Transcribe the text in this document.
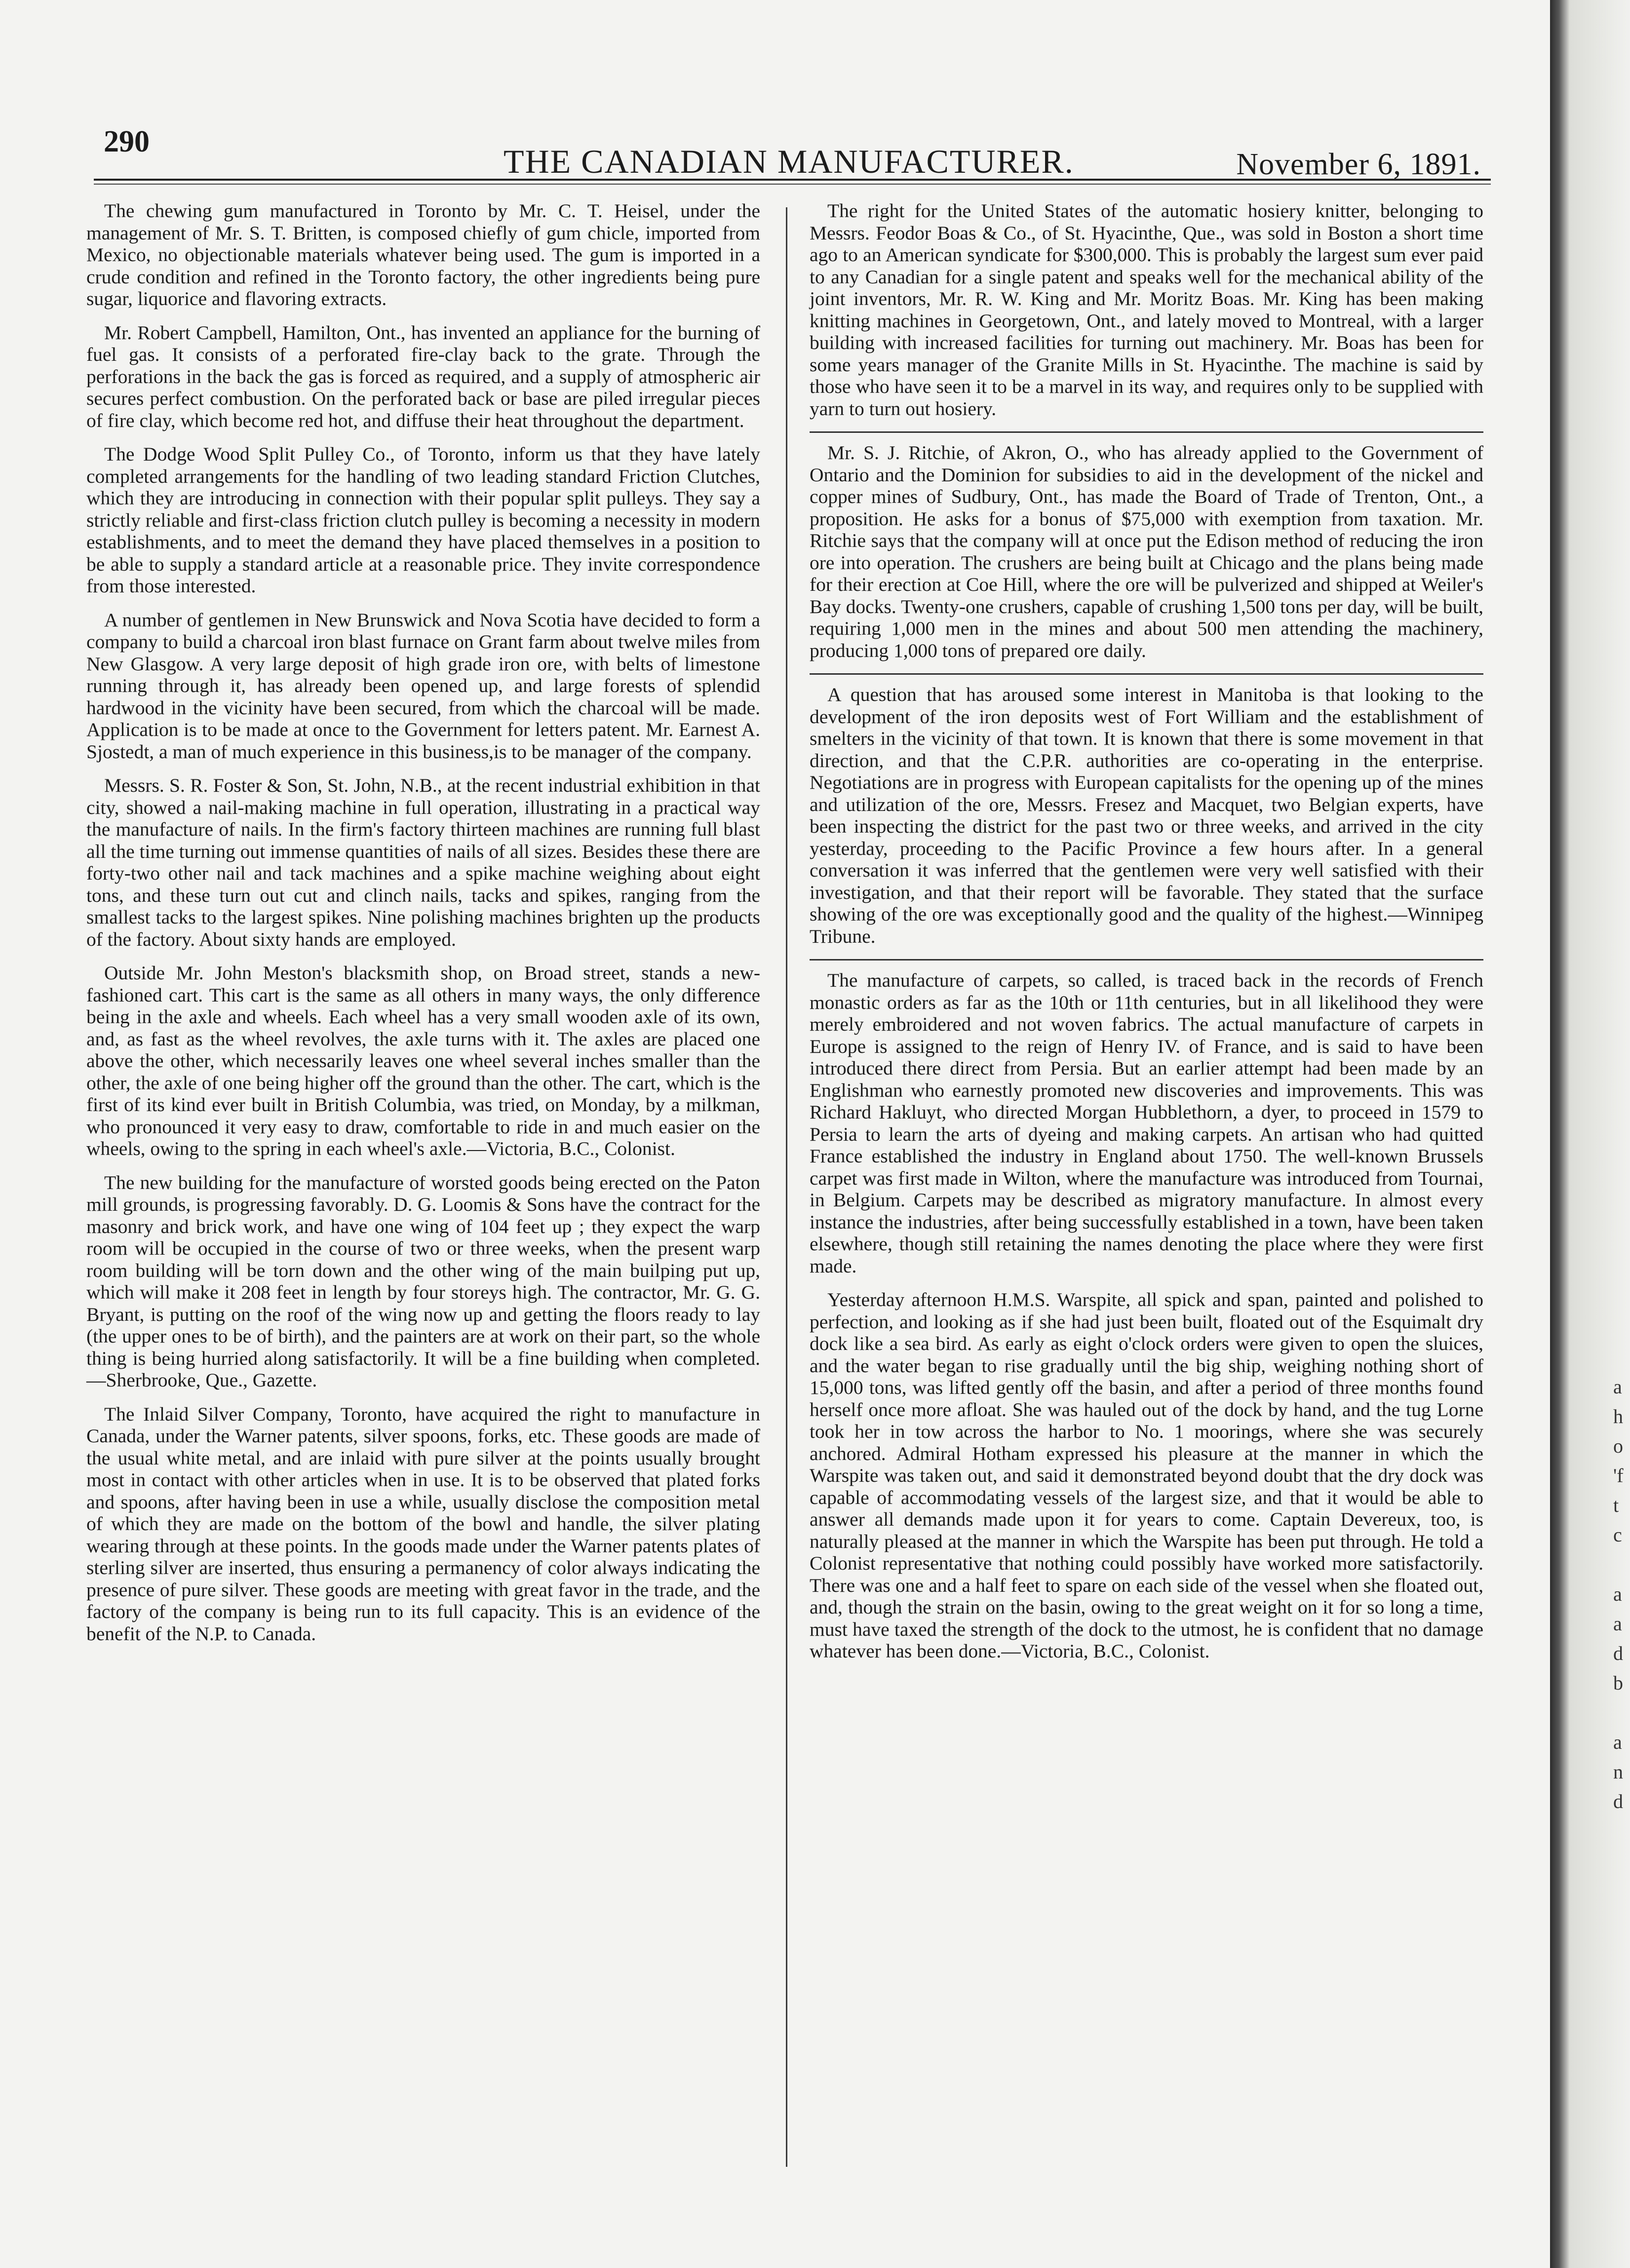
290
THE CANADIAN MANUFACTURER.	November 6, 1891.

The chewing gum manufactured in Toronto by Mr. C. T. Heisel, under the management of Mr. S. T. Britten, is composed chiefly of gum chicle, imported from Mexico, no objectionable materials whatever being used. The gum is imported in a crude condition and refined in the Toronto factory, the other ingredients being pure sugar, liquorice and flavoring extracts.

Mr. Robert Campbell, Hamilton, Ont., has invented an appliance for the burning of fuel gas. It consists of a perforated fire-clay back to the grate. Through the perforations in the back the gas is forced as required, and a supply of atmospheric air secures perfect combustion. On the perforated back or base are piled irregular pieces of fire clay, which become red hot, and diffuse their heat throughout the department.

The Dodge Wood Split Pulley Co., of Toronto, inform us that they have lately completed arrangements for the handling of two leading standard Friction Clutches, which they are introducing in connection with their popular split pulleys. They say a strictly reliable and first-class friction clutch pulley is becoming a necessity in modern establishments, and to meet the demand they have placed themselves in a position to be able to supply a standard article at a reasonable price. They invite correspondence from those interested.

A number of gentlemen in New Brunswick and Nova Scotia have decided to form a company to build a charcoal iron blast furnace on Grant farm about twelve miles from New Glasgow. A very large deposit of high grade iron ore, with belts of limestone running through it, has already been opened up, and large forests of splendid hardwood in the vicinity have been secured, from which the charcoal will be made. Application is to be made at once to the Government for letters patent. Mr. Earnest A. Sjostedt, a man of much experience in this business,is to be manager of the company.

Messrs. S. R. Foster & Son, St. John, N.B., at the recent industrial exhibition in that city, showed a nail-making machine in full operation, illustrating in a practical way the manufacture of nails. In the firm's factory thirteen machines are running full blast all the time turning out immense quantities of nails of all sizes. Besides these there are forty-two other nail and tack machines and a spike machine weighing about eight tons, and these turn out cut and clinch nails, tacks and spikes, ranging from the smallest tacks to the largest spikes. Nine polishing machines brighten up the products of the factory. About sixty hands are employed.

Outside Mr. John Meston's blacksmith shop, on Broad street, stands a new-fashioned cart. This cart is the same as all others in many ways, the only difference being in the axle and wheels. Each wheel has a very small wooden axle of its own, and, as fast as the wheel revolves, the axle turns with it. The axles are placed one above the other, which necessarily leaves one wheel several inches smaller than the other, the axle of one being higher off the ground than the other. The cart, which is the first of its kind ever built in British Columbia, was tried, on Monday, by a milkman, who pronounced it very easy to draw, comfortable to ride in and much easier on the wheels, owing to the spring in each wheel's axle.—Victoria, B.C., Colonist.

The new building for the manufacture of worsted goods being erected on the Paton mill grounds, is progressing favorably. D. G. Loomis & Sons have the contract for the masonry and brick work, and have one wing of 104 feet up ; they expect the warp room will be occupied in the course of two or three weeks, when the present warp room building will be torn down and the other wing of the main builping put up, which will make it 208 feet in length by four storeys high. The contractor, Mr. G. G. Bryant, is putting on the roof of the wing now up and getting the floors ready to lay (the upper ones to be of birth), and the painters are at work on their part, so the whole thing is being hurried along satisfactorily. It will be a fine building when completed.—Sherbrooke, Que., Gazette.

The Inlaid Silver Company, Toronto, have acquired the right to manufacture in Canada, under the Warner patents, silver spoons, forks, etc. These goods are made of the usual white metal, and are inlaid with pure silver at the points usually brought most in contact with other articles when in use. It is to be observed that plated forks and spoons, after having been in use a while, usually disclose the composition metal of which they are made on the bottom of the bowl and handle, the silver plating wearing through at these points. In the goods made under the Warner patents plates of sterling silver are inserted, thus ensuring a permanency of color always indicating the presence of pure silver. These goods are meeting with great favor in the trade, and the factory of the company is being run to its full capacity. This is an evidence of the benefit of the N.P. to Canada.

The right for the United States of the automatic hosiery knitter, belonging to Messrs. Feodor Boas & Co., of St. Hyacinthe, Que., was sold in Boston a short time ago to an American syndicate for $300,000. This is probably the largest sum ever paid to any Canadian for a single patent and speaks well for the mechanical ability of the joint inventors, Mr. R. W. King and Mr. Moritz Boas. Mr. King has been making knitting machines in Georgetown, Ont., and lately moved to Montreal, with a larger building with increased facilities for turning out machinery. Mr. Boas has been for some years manager of the Granite Mills in St. Hyacinthe. The machine is said by those who have seen it to be a marvel in its way, and requires only to be supplied with yarn to turn out hosiery.

Mr. S. J. Ritchie, of Akron, O., who has already applied to the Government of Ontario and the Dominion for subsidies to aid in the development of the nickel and copper mines of Sudbury, Ont., has made the Board of Trade of Trenton, Ont., a proposition. He asks for a bonus of $75,000 with exemption from taxation. Mr. Ritchie says that the company will at once put the Edison method of reducing the iron ore into operation. The crushers are being built at Chicago and the plans being made for their erection at Coe Hill, where the ore will be pulverized and shipped at Weiler's Bay docks. Twenty-one crushers, capable of crushing 1,500 tons per day, will be built, requiring 1,000 men in the mines and about 500 men attending the machinery, producing 1,000 tons of prepared ore daily.

A question that has aroused some interest in Manitoba is that looking to the development of the iron deposits west of Fort William and the establishment of smelters in the vicinity of that town. It is known that there is some movement in that direction, and that the C.P.R. authorities are co-operating in the enterprise. Negotiations are in progress with European capitalists for the opening up of the mines and utilization of the ore, Messrs. Fresez and Macquet, two Belgian experts, have been inspecting the district for the past two or three weeks, and arrived in the city yesterday, proceeding to the Pacific Province a few hours after. In a general conversation it was inferred that the gentlemen were very well satisfied with their investigation, and that their report will be favorable. They stated that the surface showing of the ore was exceptionally good and the quality of the highest.—Winnipeg Tribune.

The manufacture of carpets, so called, is traced back in the records of French monastic orders as far as the 10th or 11th centuries, but in all likelihood they were merely embroidered and not woven fabrics. The actual manufacture of carpets in Europe is assigned to the reign of Henry IV. of France, and is said to have been introduced there direct from Persia. But an earlier attempt had been made by an Englishman who earnestly promoted new discoveries and improvements. This was Richard Hakluyt, who directed Morgan Hubblethorn, a dyer, to proceed in 1579 to Persia to learn the arts of dyeing and making carpets. An artisan who had quitted France established the industry in England about 1750. The well-known Brussels carpet was first made in Wilton, where the manufacture was introduced from Tournai, in Belgium. Carpets may be described as migratory manufacture. In almost every instance the industries, after being successfully established in a town, have been taken elsewhere, though still retaining the names denoting the place where they were first made.

Yesterday afternoon H.M.S. Warspite, all spick and span, painted and polished to perfection, and looking as if she had just been built, floated out of the Esquimalt dry dock like a sea bird. As early as eight o'clock orders were given to open the sluices, and the water began to rise gradually until the big ship, weighing nothing short of 15,000 tons, was lifted gently off the basin, and after a period of three months found herself once more afloat. She was hauled out of the dock by hand, and the tug Lorne took her in tow across the harbor to No. 1 moorings, where she was securely anchored. Admiral Hotham expressed his pleasure at the manner in which the Warspite was taken out, and said it demonstrated beyond doubt that the dry dock was capable of accommodating vessels of the largest size, and that it would be able to answer all demands made upon it for years to come. Captain Devereux, too, is naturally pleased at the manner in which the Warspite has been put through. He told a Colonist representative that nothing could possibly have worked more satisfactorily. There was one and a half feet to spare on each side of the vessel when she floated out, and, though the strain on the basin, owing to the great weight on it for so long a time, must have taxed the strength of the dock to the utmost, he is confident that no damage whatever has been done.—Victoria, B.C., Colonist.

a
h
o
'f
t
c

a
a
d
b

a
n
d
